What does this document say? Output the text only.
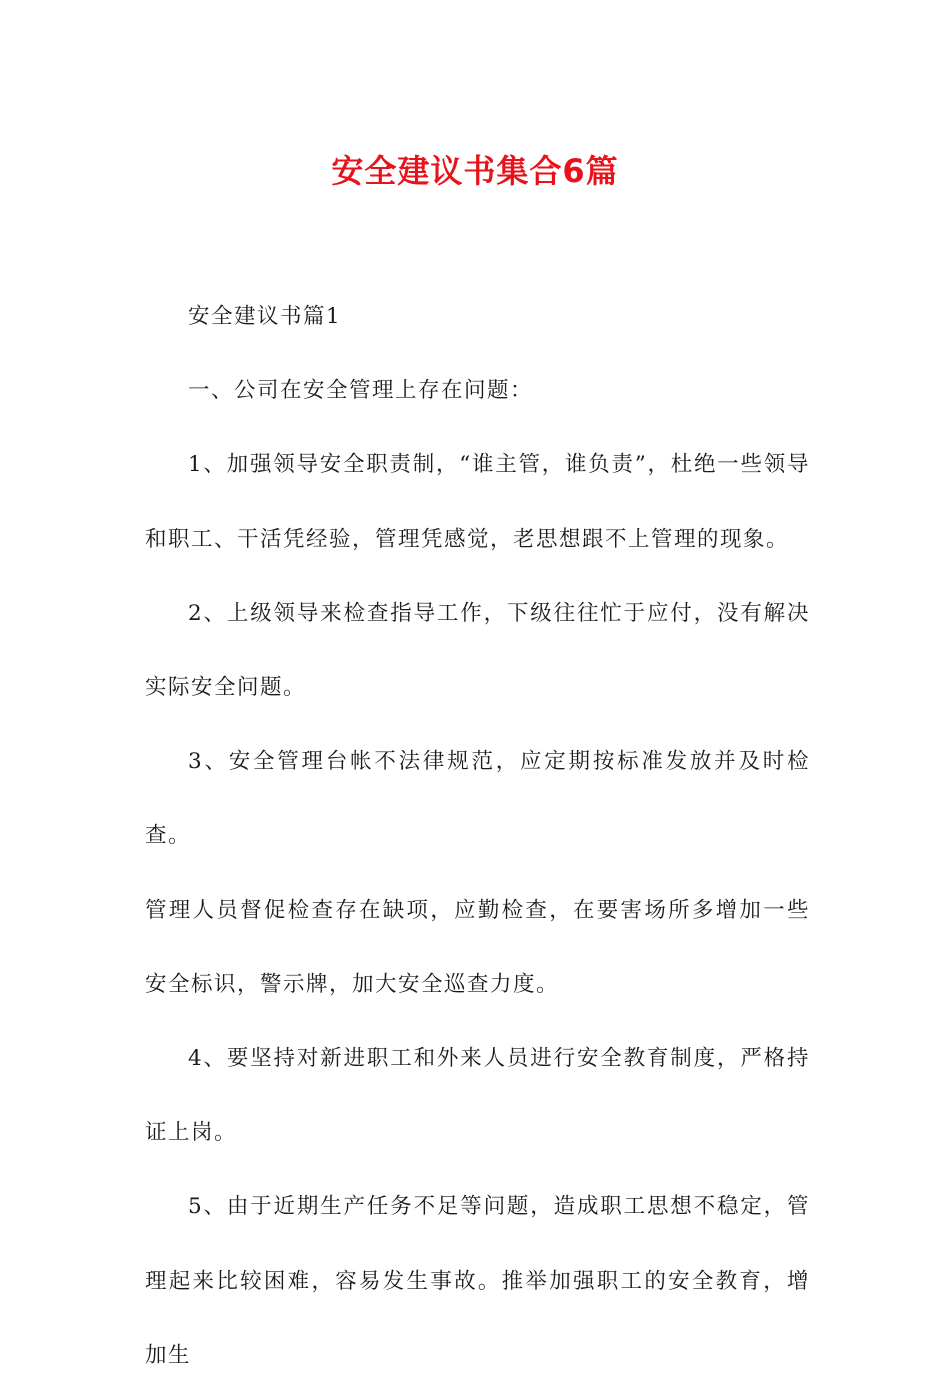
安全建议书集合6篇

安全建议书篇1

一、公司在安全管理上存在问题：

1、加强领导安全职责制，“谁主管，谁负责”，杜绝一些领导和职工、干活凭经验，管理凭感觉，老思想跟不上管理的现象。

2、上级领导来检查指导工作，下级往往忙于应付，没有解决实际安全问题。

3、安全管理台帐不法律规范，应定期按标准发放并及时检查。

管理人员督促检查存在缺项，应勤检查，在要害场所多增加一些安全标识，警示牌，加大安全巡查力度。

4、要坚持对新进职工和外来人员进行安全教育制度，严格持证上岗。

5、由于近期生产任务不足等问题，造成职工思想不稳定，管理起来比较困难，容易发生事故。推举加强职工的安全教育，增加生
